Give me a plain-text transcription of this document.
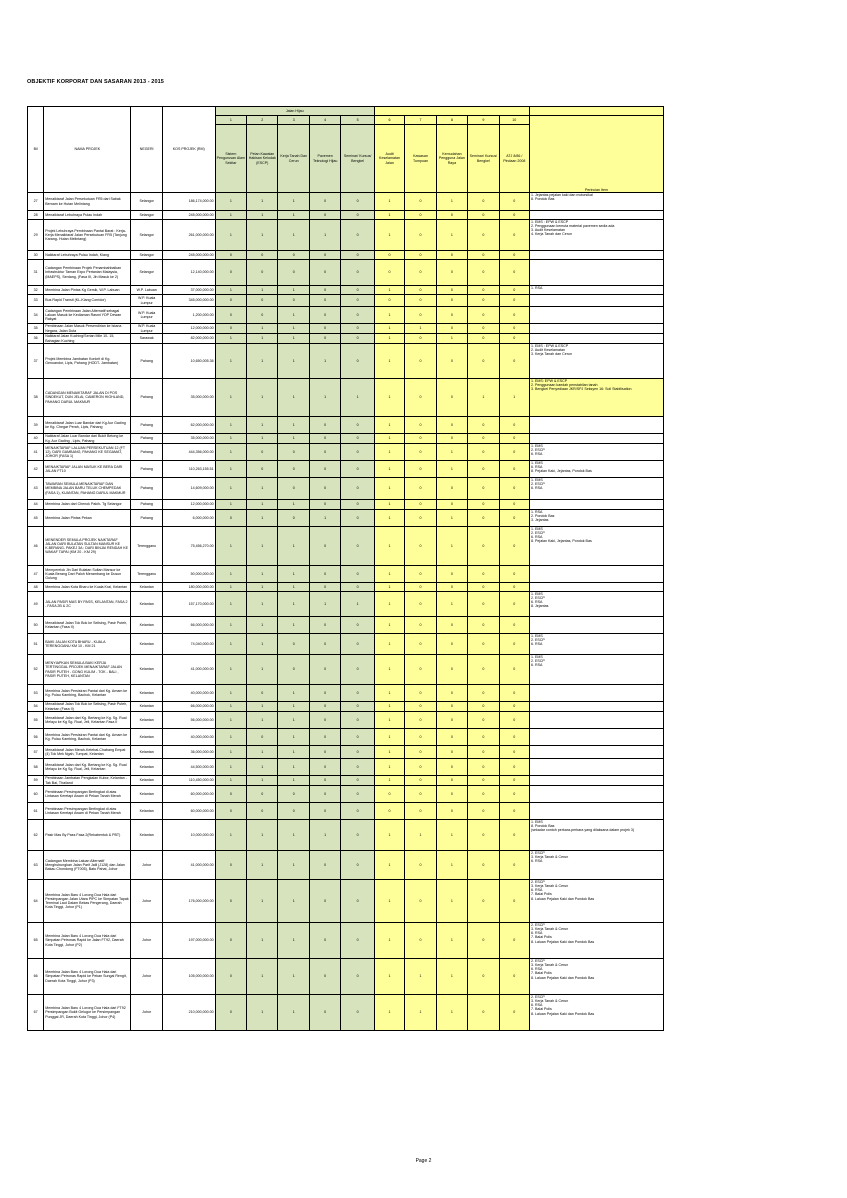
OBJEKTIF KORPORAT DAN SASARAN 2013 - 2015
Bil	NAMA PROJEK	NEGERI	KOS PROJEK (RM)	Jalan Hijau										
				1	2	3	4	5	6	7	8	9	10	Perincian Item
				Sistem Pengurusan Alam Sekitar	Pelan Kawalan Hakisan Kelodak (ESCP)	Kerja Tanah Dan Cerun	Pavemen Teknologi Hijau	Seminar/ Kursus/ Bengkel	Audit Keselamatan Jalan	Kawasan Tumpuan	Kemudahan Pengguna Jalan Raya	Seminar/ Kursus/ Bengkel	ATJ 8/86 / Pindaan 2008	
27	Menaiktaraf Jalan Persekutuan FR5 dari Sabak Bernam ke Hutan Melintang	Selangor	186,174,000.00	1	1	1	0	0	1	0	1	0	0	1. Jejantas pejalan kaki dan motorsikal
8. Pondok Bas
28	Menaiktaraf Lebuhraya Pulau Indah	Selangor	245,000,000.00	1	1	1	0	0	1	0	0	0	0	
29	Projek Lebuhraya Pembinaan Pantai Barat : Kerja-Kerja Menaiktaraf Jalan Persekutuan FR5 (Tanjung Karang- Hutan Melintang)	Selangor	261,000,000.00	1	1	1	1	0	1	0	1	0	0	1. EMS : EPW & ESCP
2. Penggunaan kemuta material pavemen sedia ada
3. Audit Keselamatan
4. Kerja Tanah dan Cerun
30	Naiktaraf Lebuhraya Pulau Indah, Klang	Selangor	245,000,000.00	0	0	0	0	0	0	0	0	0	0	
31	Cadangan Pembinaan Projek Penambahbaikan Infrastruktur Taman Expo Pertanian Malaysia, (MAEPS), Serdang, (Fasa III, Jln Masuk ke 2)	Selangor	12,140,000.00	0	0	0	0	0	0	0	0	0	0	
32	Membina Jalan Pintas Kg Gersik, W.P. Labuan	W.P. Labuan	37,000,000.00	1	1	1	0	0	1	0	0	0	0	1. RSA
33	Bus Rapid Transit (KL-Klang Corridor)	W.P. Kuala Lumpur	345,000,000.00	0	0	0	0	0	0	0	0	0	0	
34	Cadangan Pembinaan Jalan Alternatif sebagai Laluan Masuk ke Kediaman Rasmi YDP Dewan Rakyat	W.P. Kuala Lumpur	1,200,000.00	0	0	1	0	0	1	0	0	0	0	
35	Pembinaan Jalan Masuk Persendirian ke Istana Negara, Jalan Duta	W.P. Kuala Lumpur	12,000,000.00	0	1	1	0	0	1	1	0	0	0	
36	Naiktaraf Jalan Kuching/Serian Mile 10- 15, Bahagian Kuching	Sarawak	82,000,000.00	1	1	1	0	0	1	0	1	0	0	
37	Projek Membina Jambatan Konkrit di Kg. Genuandor, Lipis, Pahang (HODT- Jambatan)	Pahang	10,650,005.36	1	1	1	1	0	1	0	0	0	0	1. EMS : EPW & ESCP
2. Audit Keselamatan
3. Kerja Tanah dan Cerun
38	CADANGAN MENAIKTARAF JALAN DI POS SINDEKUT, DUN JELAI, CAMERON HIGHLAND, PAHANG DARUL MAKMUR	Pahang	35,000,000.00	1	1	1	1	1	1	0	0	1	1	1. EMS: EPW & ESCP
2. Penggunaan kaedah penstabilan tanah
3. Bengkel Penyediaan JKR/SPJ Seksyen 16: Soil Stabilisation
39	Menaiktaraf Jalan Luar Bandar dari Kg Aur Gading ke Kg. Chegar Perah, Lipis, Pahang	Pahang	62,000,000.00	1	1	1	0	0	1	0	0	0	0	
40	Naiktaraf Jalan Luar Bandar dari Bukit Betong ke Kg. Aur Gading , Lipis, Pahang	Pahang	35,000,000.00	1	1	1	0	0	1	0	0	0	0	
41	MENAIKTARAF LALUAN PERSEKUTUAN 12 (FT 12), DARI GAMBANG, PAHANG KE SEGAMAT, JOHOR (FASA 1)	Pahang	444,356,000.00	1	0	0	0	0	1	0	1	0	0	1. EMS
2. ESCP
6. RSA
42	MENAIKTARAF JALAN MASUK KE BERA DARI JALAN FT10	Pahang	110,263,155.51	1	0	0	0	0	1	0	1	0	0	1. EMS
6. RSA
8. Pejalan Kaki, Jejantas, Pondok Bas
43	TAWARAN SEMULA MENAIKTARAF DAN MEMBINA JALAN BARU TELUK CHEMPEDAK (FASA 1), KUANTAN, PAHANG DARUL MAKMUR	Pahang	14,609,000.00	1	1	0	0	0	1	0	0	0	0	1. EMS
2. ESCP
6. RSA
44	Membina Jalan dari Chenok Pakih- Tg Selangor	Pahang	12,000,000.00	1	1	1	0	0	1	0	0	0	0	
45	Membina Jalan Pintas Pekan	Pahang	6,000,000.00	0	1	0	1	0	1	0	1	0	0	1. RSA
2. Pondok Bas
3. Jejantas
46	MENENDER SEMULA PROJEK NAIKTARAF JALAN DARI BULATAN SULTAN MANSUR KE K.BERANG- PAKEJ 3A : DARI BINJAI RENDAH KE WAKAF TAPAI (KM 20 - KM 29)	Terengganu	75,456,270.00	1	1	1	0	0	1	0	1	0	0	1. EMS
2. ESCP
6. RSA
8. Pejalan Kaki, Jejantas, Pondok Bas
47	Memperelok Jln Dari Bulatan Sultan Mansor ke Kuala Berang Dari Paloh Merambang ke Dusun Gulung	Terengganu	50,000,000.00	1	1	1	0	0	1	0	0	0	0	
48	Membina Jalan Kota Bharu ke Kuala Krai, Kelantan	Kelantan	180,000,000.00	1	1	1	0	0	1	0	0	0	0	
49	JALAN PASIR MAS BY PASS, KELANTAN, FASA 2 - FASA 2B & 2C	Kelantan	157,170,000.00	1	1	1	1	1	1	0	1	0	0	1. EMS
2. ESCP
6. RSA
8. Jejantas
50	Menaiktaraf Jalan Tok Bok ke Selising, Pasir Puteh, Kelantan (Fasa II)	Kelantan	66,000,000.00	1	1	1	0	0	1	0	0	0	0	
51	BAIKI JALAN KOTA BHARU - KUALA TERENGGANU KM 10 - KM 21	Kelantan	74,040,000.00	1	1	0	0	0	1	0	0	0	0	1. EMS
2. ESCP
6. RSA
52	MENYIAPKAN SEMULA BAKI KERJA TERTINGGAL PROJEK MENAIKTARAF JALAN PASIR PUTEH - GONG KULIM - TOK - BALI , PASIR PUTEH, KELANTAN	Kelantan	41,000,000.00	1	1	0	0	0	1	0	0	0	0	1. EMS
2. ESCP
6. RSA
53	Membina Jalan Persisiran Pantai dari Kg. Amam ke Kg. Pulau Kambing, Bachok, Kelantan	Kelantan	40,000,000.00	1	0	1	0	0	1	0	0	0	0	
54	Menaiktaraf Jalan Tok Bok ke Selising, Pasir Puteh, Kelantan (Fasa II)	Kelantan	66,000,000.00	1	1	1	0	0	1	0	0	0	0	
55	Menaiktaraf Jalan dari Kg. Bertang ke Kg. Sg. Rual Melayu ke Kg Sg. Rual, Jeli, Kelantan Fasa II	Kelantan	56,000,000.00	1	1	1	0	0	1	0	0	0	0	
56	Membina Jalan Persisiran Pantai dari Kg. Amam ke Kg. Pulau Kambing, Bachok, Kelantan	Kelantan	40,000,000.00	1	0	1	0	0	1	0	0	0	0	
57	Menaiktaraf Jalan Merah-Ketebal-Chabang Empat (4) Tok Mek Ngah, Tumpat, Kelantan	Kelantan	36,000,000.00	1	1	1	0	0	1	0	0	0	0	
58	Menaiktaraf Jalan dari Kg. Bertang ke Kg. Sg. Rual Melayu ke Kg Sg. Rual, Jeli, Kelantan	Kelantan	44,500,000.00	1	1	1	0	0	1	0	0	0	0	
59	Pembinaan Jambatan Pengkalan Kubor, Kelantan - Tak Bai, Thailand	Kelantan	110,450,000.00	1	1	1	0	0	1	0	0	0	0	
60	Pembinaan Persimpangan Bertingkat di atas Lintasan Keretapi Awam di Pekan Tanah Merah	Kelantan	60,000,000.00	0	0	0	0	0	0	0	0	0	0	
61	Pembinaan Persimpangan Bertingkat di atas Lintasan Keretapi Awam di Pekan Tanah Merah	Kelantan	60,000,000.00	0	0	0	0	0	0	0	0	0	0	
62	Pasir Mas By Pass Fasa 2(Rekabentuk & PBT)	Kelantan	10,000,000.00	1	1	1	1	0	1	1	1	0	0	1. EMS
8. Pondok Bas
(sekadar contoh perkara-perkara yang dilaksana dalam projek 3)
63	Cadangan Membina Laluan Alternatif Menghubungkan Jalan Parit Jalil (J128) dan Jalan Bakau Chondong (FT005), Batu Pahat, Johor	Johor	41,000,000.00	0	1	1	0	0	1	0	1	0	0	2. ESCP
3. Kerja Tanah & Cerun
6. RSA
64	Membina Jalan Baru 4 Lorong Dua Hala dari Persimpangan Jalan Utara PIPC ke Simpatan Tapak Terminal Laut Dalam Bekas Pengerang, Daerah Kota Tinggi, Johor (P1)	Johor	176,000,000.00	0	1	1	0	0	1	0	1	0	0	2. ESCP
3. Kerja Tanah & Cerun
6. RSA
7. Balai Polis
8. Laluan Pejalan Kaki dan Pondok Bas
65	Membina Jalan Baru 4 Lorong Dua Hala dari Simpatan Petronas Rapid ke Jalan FT92, Daerah Kota Tinggi, Johor (P2)	Johor	197,000,000.00	0	1	1	0	0	1	0	1	0	0	2. ESCP
3. Kerja Tanah & Cerun
6. RSA
7. Balai Polis
8. Laluan Pejalan Kaki dan Pondok Bas
66	Membina Jalan Baru 4 Lorong Dua Hala dari Simpatan Petronas Rapid ke Pekan Sungai Rengit, Daerah Kota Tinggi, Johor (P3)	Johor	105,000,000.00	0	1	1	0	0	1	1	1	0	0	2. ESCP
3. Kerja Tanah & Cerun
6. RSA
7. Balai Polis
8. Laluan Pejalan Kaki dan Pondok Bas
67	Membina Jalan Baru 4 Lorong Dua Hala dari FT92 Persimpangan Bukit Gelugor ke Persimpangan Punggai JR, Daerah Kota Tinggi, Johor (P4)	Johor	210,000,000.00	0	1	1	0	0	1	1	1	0	0	2. ESCP
3. Kerja Tanah & Cerun
6. RSA
7. Balai Polis
8. Laluan Pejalan Kaki dan Pondok Bas
Page 2
